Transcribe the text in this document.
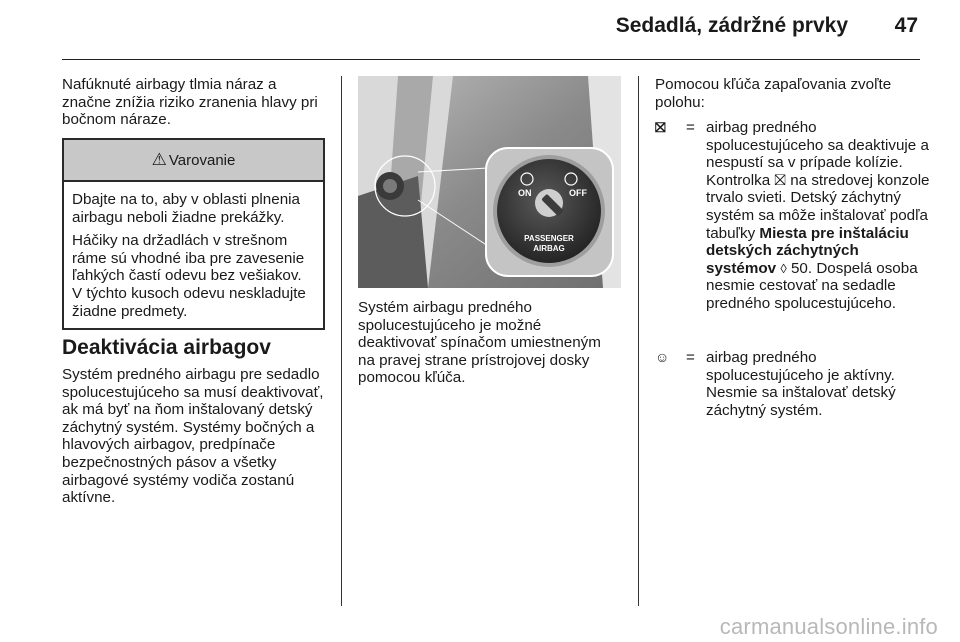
Sedadlá, zádržné prvky 47

Nafúknuté airbagy tlmia náraz a značne znížia riziko zranenia hlavy pri bočnom náraze.

⚠ Varovanie

Dbajte na to, aby v oblasti plnenia airbagu neboli žiadne prekážky.

Háčiky na držadlách v strešnom ráme sú vhodné iba pre zavesenie ľahkých častí odevu bez vešiakov. V týchto kusoch odevu neskladujte žiadne predmety.

Deaktivácia airbagov

Systém predného airbagu pre sedadlo spolucestujúceho sa musí deaktivovať, ak má byť na ňom inštalovaný detský záchytný systém. Systémy bočných a hlavových airbagov, predpínače bezpečnostných pásov a všetky airbagové systémy vodiča zostanú aktívne.

ON	OFF
PASSENGER
AIRBAG

Systém airbagu predného spolucestujúceho je možné deaktivovať spínačom umiestneným na pravej strane prístrojovej dosky pomocou kľúča.

Pomocou kľúča zapaľovania zvoľte polohu:

⛝ = airbag predného spolucestujúceho sa deaktivuje a nespustí sa v prípade kolízie. Kontrolka ⛝ na stredovej konzole trvalo svieti. Detský záchytný systém sa môže inštalovať podľa tabuľky Miesta pre inštaláciu detských záchytných systémov ◊ 50. Dospelá osoba nesmie cestovať na sedadle predného spolucestujúceho.

☺ = airbag predného spolucestujúceho je aktívny. Nesmie sa inštalovať detský záchytný systém.

carmanualsonline.info
